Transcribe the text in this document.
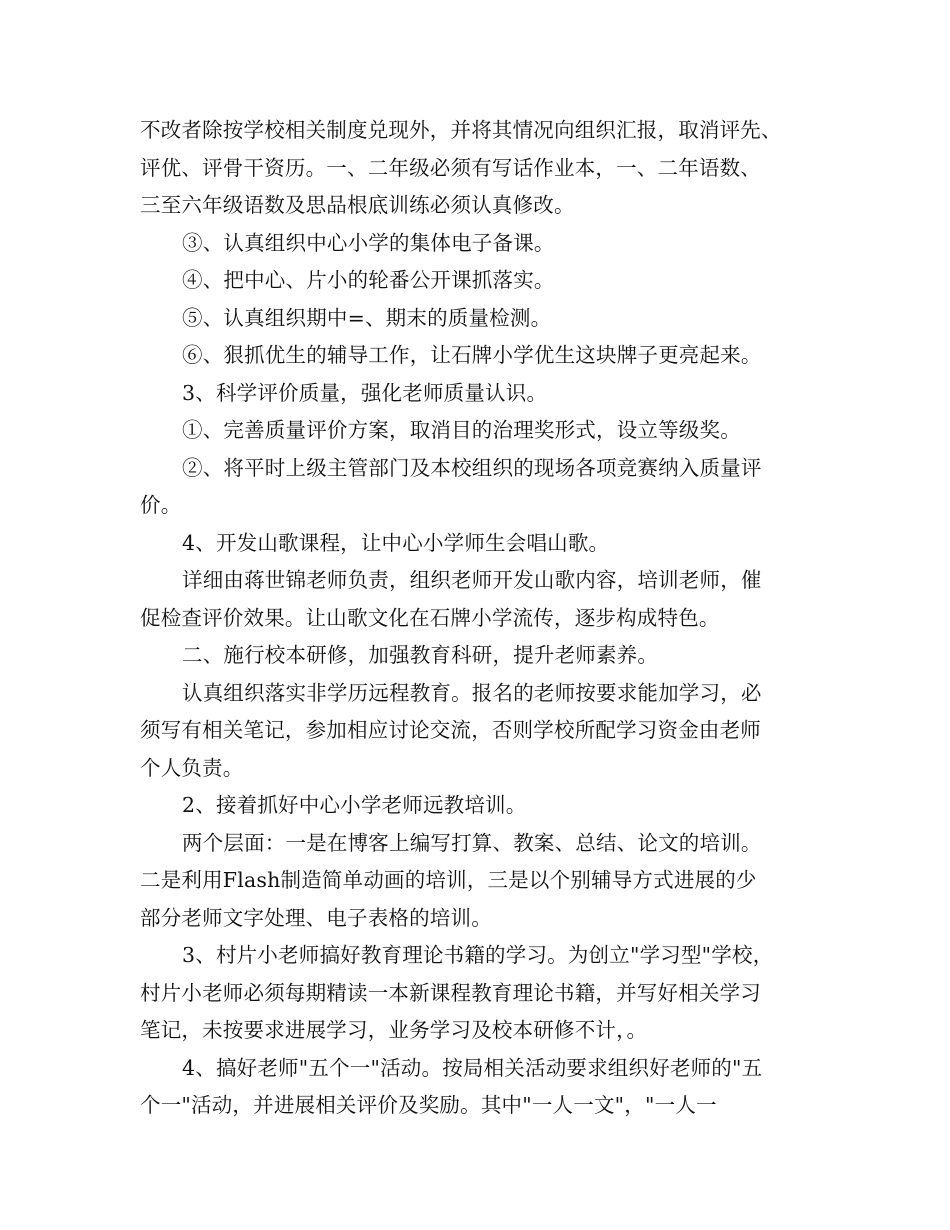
不改者除按学校相关制度兑现外，并将其情况向组织汇报，取消评先、
评优、评骨干资历。一、二年级必须有写话作业本，一、二年语数、
三至六年级语数及思品根底训练必须认真修改。
③、认真组织中心小学的集体电子备课。
④、把中心、片小的轮番公开课抓落实。
⑤、认真组织期中=、期末的质量检测。
⑥、狠抓优生的辅导工作，让石牌小学优生这块牌子更亮起来。
3、科学评价质量，强化老师质量认识。
①、完善质量评价方案，取消目的治理奖形式，设立等级奖。
②、将平时上级主管部门及本校组织的现场各项竞赛纳入质量评
价。
4、开发山歌课程，让中心小学师生会唱山歌。
详细由蒋世锦老师负责，组织老师开发山歌内容，培训老师，催
促检查评价效果。让山歌文化在石牌小学流传，逐步构成特色。
二、施行校本研修，加强教育科研，提升老师素养。
认真组织落实非学历远程教育。报名的老师按要求能加学习，必
须写有相关笔记，参加相应讨论交流，否则学校所配学习资金由老师
个人负责。
2、接着抓好中心小学老师远教培训。
两个层面：一是在博客上编写打算、教案、总结、论文的培训。
二是利用Flash制造简单动画的培训，三是以个别辅导方式进展的少
部分老师文字处理、电子表格的培训。
3、村片小老师搞好教育理论书籍的学习。为创立"学习型"学校，
村片小老师必须每期精读一本新课程教育理论书籍，并写好相关学习
笔记，未按要求进展学习，业务学习及校本研修不计，。
4、搞好老师"五个一"活动。按局相关活动要求组织好老师的"五
个一"活动，并进展相关评价及奖励。其中"一人一文"，"一人一
